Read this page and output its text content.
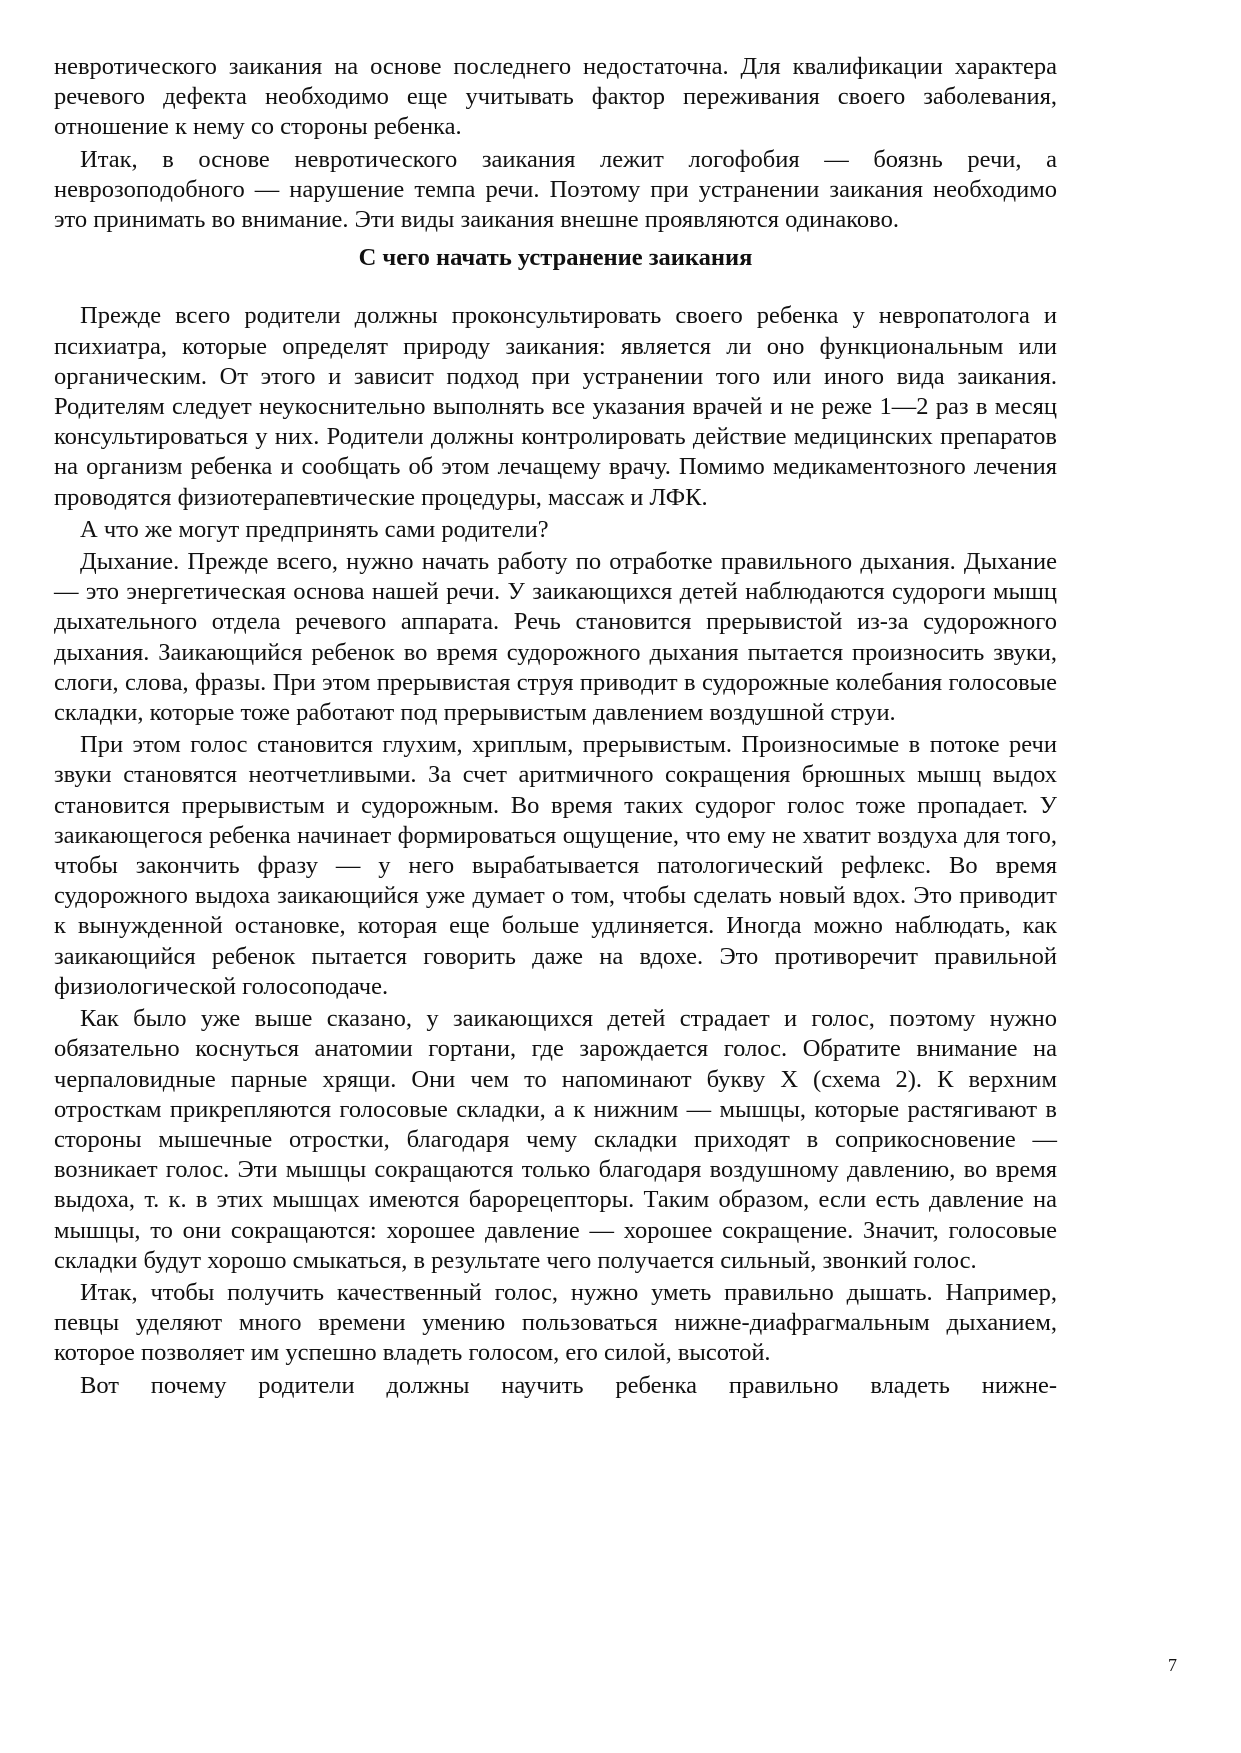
невротического заикания на основе последнего недостаточна. Для квалификации характера речевого дефекта необходимо еще учитывать фактор переживания своего заболевания, отношение к нему со стороны ребенка.

Итак, в основе невротического заикания лежит логофобия — боязнь речи, а неврозоподобного — нарушение темпа речи. Поэтому при устранении заикания необходимо это принимать во внимание. Эти виды заикания внешне проявляются одинаково.

С чего начать устранение заикания

Прежде всего родители должны проконсультировать своего ребенка у невропатолога и психиатра, которые определят природу заикания: является ли оно функциональным или органическим. От этого и зависит подход при устранении того или иного вида заикания. Родителям следует неукоснительно выполнять все указания врачей и не реже 1—2 раз в месяц консультироваться у них. Родители должны контролировать действие медицинских препаратов на организм ребенка и сообщать об этом лечащему врачу. Помимо медикаментозного лечения проводятся физиотерапевтические процедуры, массаж и ЛФК.

А что же могут предпринять сами родители?

Дыхание. Прежде всего, нужно начать работу по отработке правильного дыхания. Дыхание — это энергетическая основа нашей речи. У заикающихся детей наблюдаются судороги мышц дыхательного отдела речевого аппарата. Речь становится прерывистой из-за судорожного дыхания. Заикающийся ребенок во время судорожного дыхания пытается произносить звуки, слоги, слова, фразы. При этом прерывистая струя приводит в судорожные колебания голосовые складки, которые тоже работают под прерывистым давлением воздушной струи.

При этом голос становится глухим, хриплым, прерывистым. Произносимые в потоке речи звуки становятся неотчетливыми. За счет аритмичного сокращения брюшных мышц выдох становится прерывистым и судорожным. Во время таких судорог голос тоже пропадает. У заикающегося ребенка начинает формироваться ощущение, что ему не хватит воздуха для того, чтобы закончить фразу — у него вырабатывается патологический рефлекс. Во время судорожного выдоха заикающийся уже думает о том, чтобы сделать новый вдох. Это приводит к вынужденной остановке, которая еще больше удлиняется. Иногда можно наблюдать, как заикающийся ребенок пытается говорить даже на вдохе. Это противоречит правильной физиологической голосоподаче.

Как было уже выше сказано, у заикающихся детей страдает и голос, поэтому нужно обязательно коснуться анатомии гортани, где зарождается голос. Обратите внимание на черпаловидные парные хрящи. Они чем то напоминают букву Х (схема 2). К верхним отросткам прикрепляются голосовые складки, а к нижним — мышцы, которые растягивают в стороны мышечные отростки, благодаря чему складки приходят в соприкосновение — возникает голос. Эти мышцы сокращаются только благодаря воздушному давлению, во время выдоха, т. к. в этих мышцах имеются барорецепторы. Таким образом, если есть давление на мышцы, то они сокращаются: хорошее давление — хорошее сокращение. Значит, голосовые складки будут хорошо смыкаться, в результате чего получается сильный, звонкий голос.

Итак, чтобы получить качественный голос, нужно уметь правильно дышать. Например, певцы уделяют много времени умению пользоваться нижне-диафрагмальным дыханием, которое позволяет им успешно владеть голосом, его силой, высотой.

Вот почему родители должны научить ребенка правильно владеть нижне-

7
